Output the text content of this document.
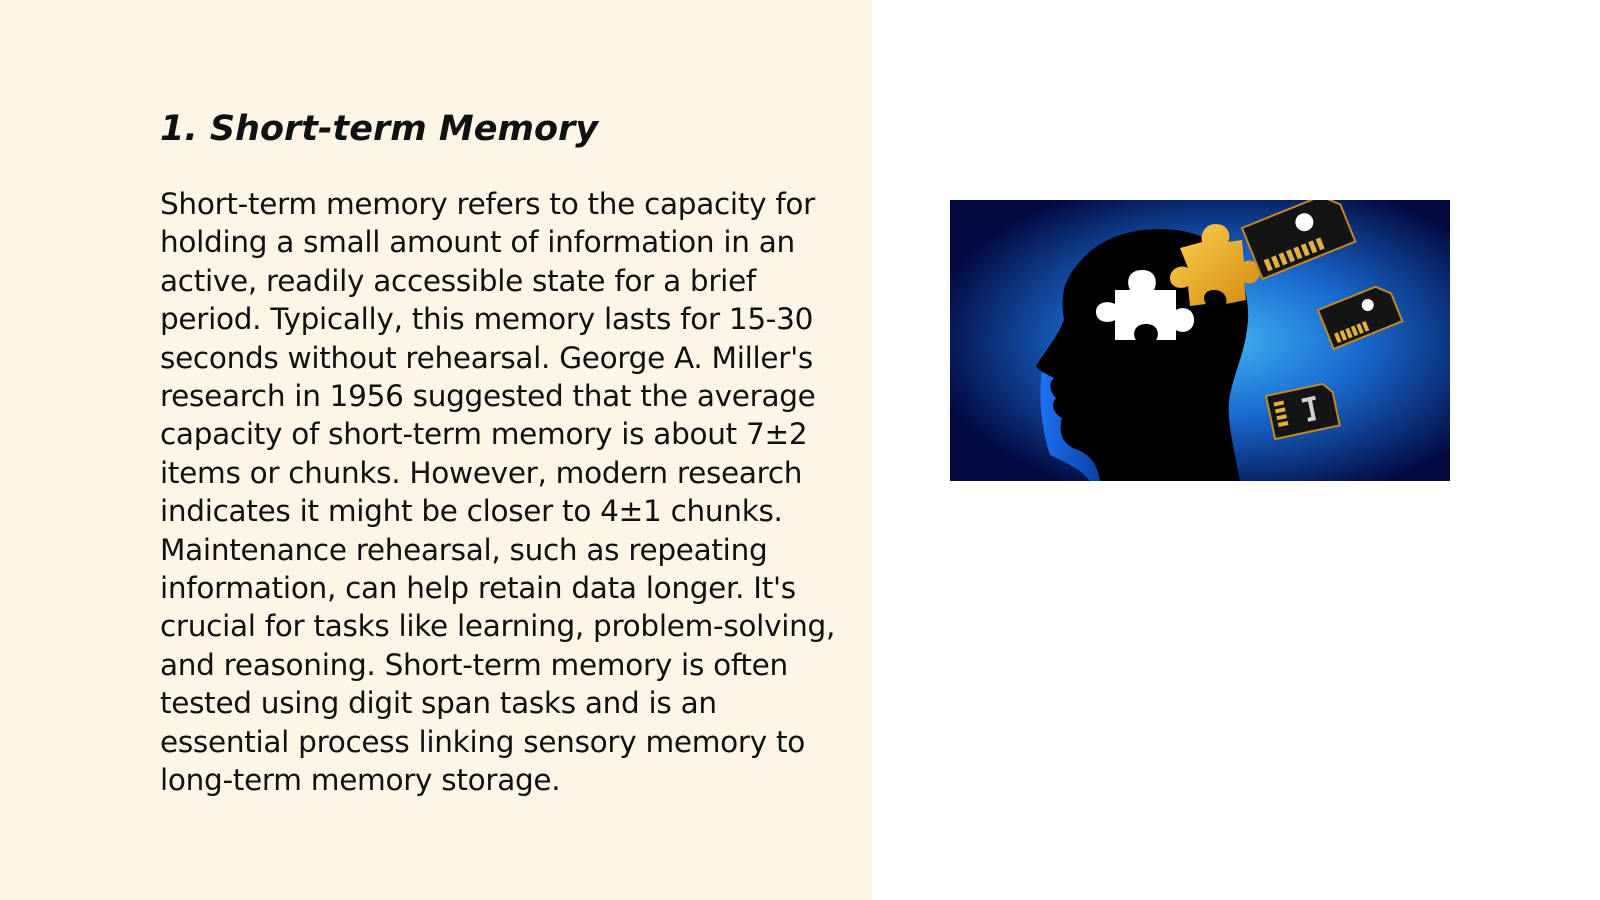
1. Short-term Memory

Short-term memory refers to the capacity for holding a small amount of information in an active, readily accessible state for a brief period. Typically, this memory lasts for 15-30 seconds without rehearsal. George A. Miller's research in 1956 suggested that the average capacity of short-term memory is about 7±2 items or chunks. However, modern research indicates it might be closer to 4±1 chunks. Maintenance rehearsal, such as repeating information, can help retain data longer. It's crucial for tasks like learning, problem-solving, and reasoning. Short-term memory is often tested using digit span tasks and is an essential process linking sensory memory to long-term memory storage.
